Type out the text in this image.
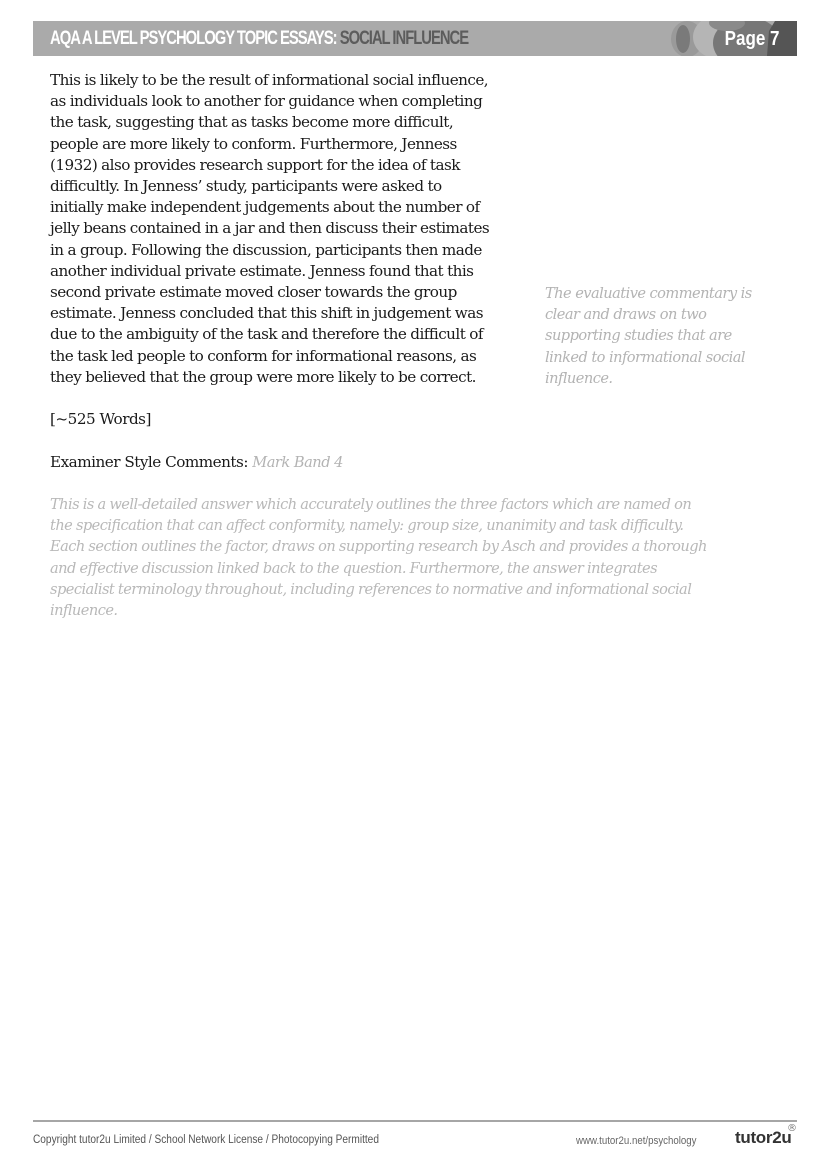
AQA A LEVEL PSYCHOLOGY TOPIC ESSAYS: SOCIAL INFLUENCE	Page 7

This is likely to be the result of informational social influence,
as individuals look to another for guidance when completing
the task, suggesting that as tasks become more difficult,
people are more likely to conform. Furthermore, Jenness
(1932) also provides research support for the idea of task
difficultly. In Jenness’ study, participants were asked to
initially make independent judgements about the number of
jelly beans contained in a jar and then discuss their estimates
in a group. Following the discussion, participants then made
another individual private estimate. Jenness found that this
second private estimate moved closer towards the group
estimate. Jenness concluded that this shift in judgement was
due to the ambiguity of the task and therefore the difficult of
the task led people to conform for informational reasons, as
they believed that the group were more likely to be correct.

The evaluative commentary is
clear and draws on two
supporting studies that are
linked to informational social
influence.
[~525 Words]
Examiner Style Comments: Mark Band 4
This is a well-detailed answer which accurately outlines the three factors which are named on
the specification that can affect conformity, namely: group size, unanimity and task difficulty.
Each section outlines the factor, draws on supporting research by Asch and provides a thorough
and effective discussion linked back to the question. Furthermore, the answer integrates
specialist terminology throughout, including references to normative and informational social
influence.
Copyright tutor2u Limited / School Network License / Photocopying Permitted	www.tutor2u.net/psychology tutor2u
®
